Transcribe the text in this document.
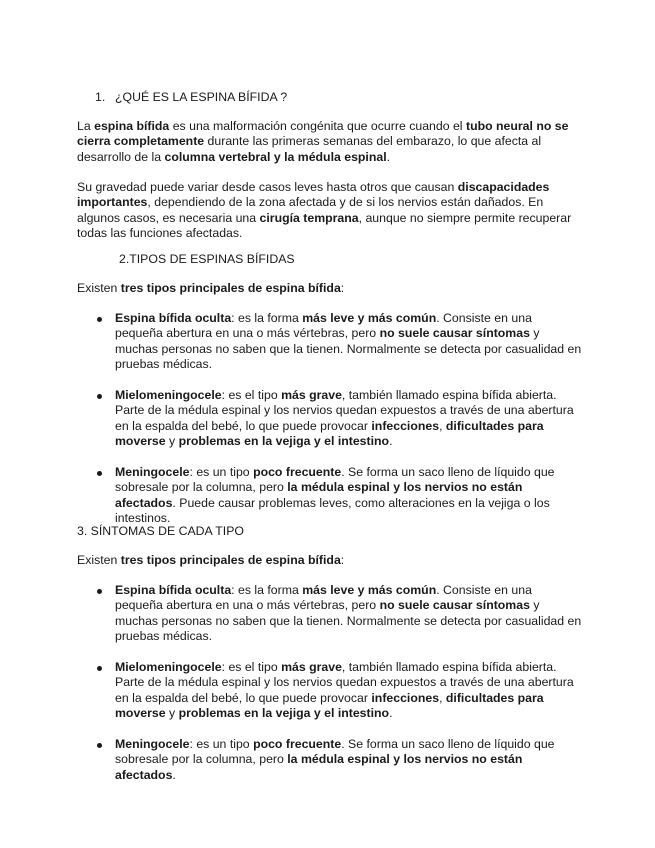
1. ¿QUÉ ES LA ESPINA BÍFIDA ?

La espina bífida es una malformación congénita que ocurre cuando el tubo neural no se cierra completamente durante las primeras semanas del embarazo, lo que afecta al desarrollo de la columna vertebral y la médula espinal.

Su gravedad puede variar desde casos leves hasta otros que causan discapacidades importantes, dependiendo de la zona afectada y de si los nervios están dañados. En algunos casos, es necesaria una cirugía temprana, aunque no siempre permite recuperar todas las funciones afectadas.

2.TIPOS DE ESPINAS BÍFIDAS

Existen tres tipos principales de espina bífida:

Espina bífida oculta: es la forma más leve y más común. Consiste en una pequeña abertura en una o más vértebras, pero no suele causar síntomas y muchas personas no saben que la tienen. Normalmente se detecta por casualidad en pruebas médicas.
Mielomeningocele: es el tipo más grave, también llamado espina bífida abierta. Parte de la médula espinal y los nervios quedan expuestos a través de una abertura en la espalda del bebé, lo que puede provocar infecciones, dificultades para moverse y problemas en la vejiga y el intestino.
Meningocele: es un tipo poco frecuente. Se forma un saco lleno de líquido que sobresale por la columna, pero la médula espinal y los nervios no están afectados. Puede causar problemas leves, como alteraciones en la vejiga o los intestinos.
3. SÍNTOMAS DE CADA TIPO

Existen tres tipos principales de espina bífida:

Espina bífida oculta: es la forma más leve y más común. Consiste en una pequeña abertura en una o más vértebras, pero no suele causar síntomas y muchas personas no saben que la tienen. Normalmente se detecta por casualidad en pruebas médicas.
Mielomeningocele: es el tipo más grave, también llamado espina bífida abierta. Parte de la médula espinal y los nervios quedan expuestos a través de una abertura en la espalda del bebé, lo que puede provocar infecciones, dificultades para moverse y problemas en la vejiga y el intestino.
Meningocele: es un tipo poco frecuente. Se forma un saco lleno de líquido que sobresale por la columna, pero la médula espinal y los nervios no están afectados.
